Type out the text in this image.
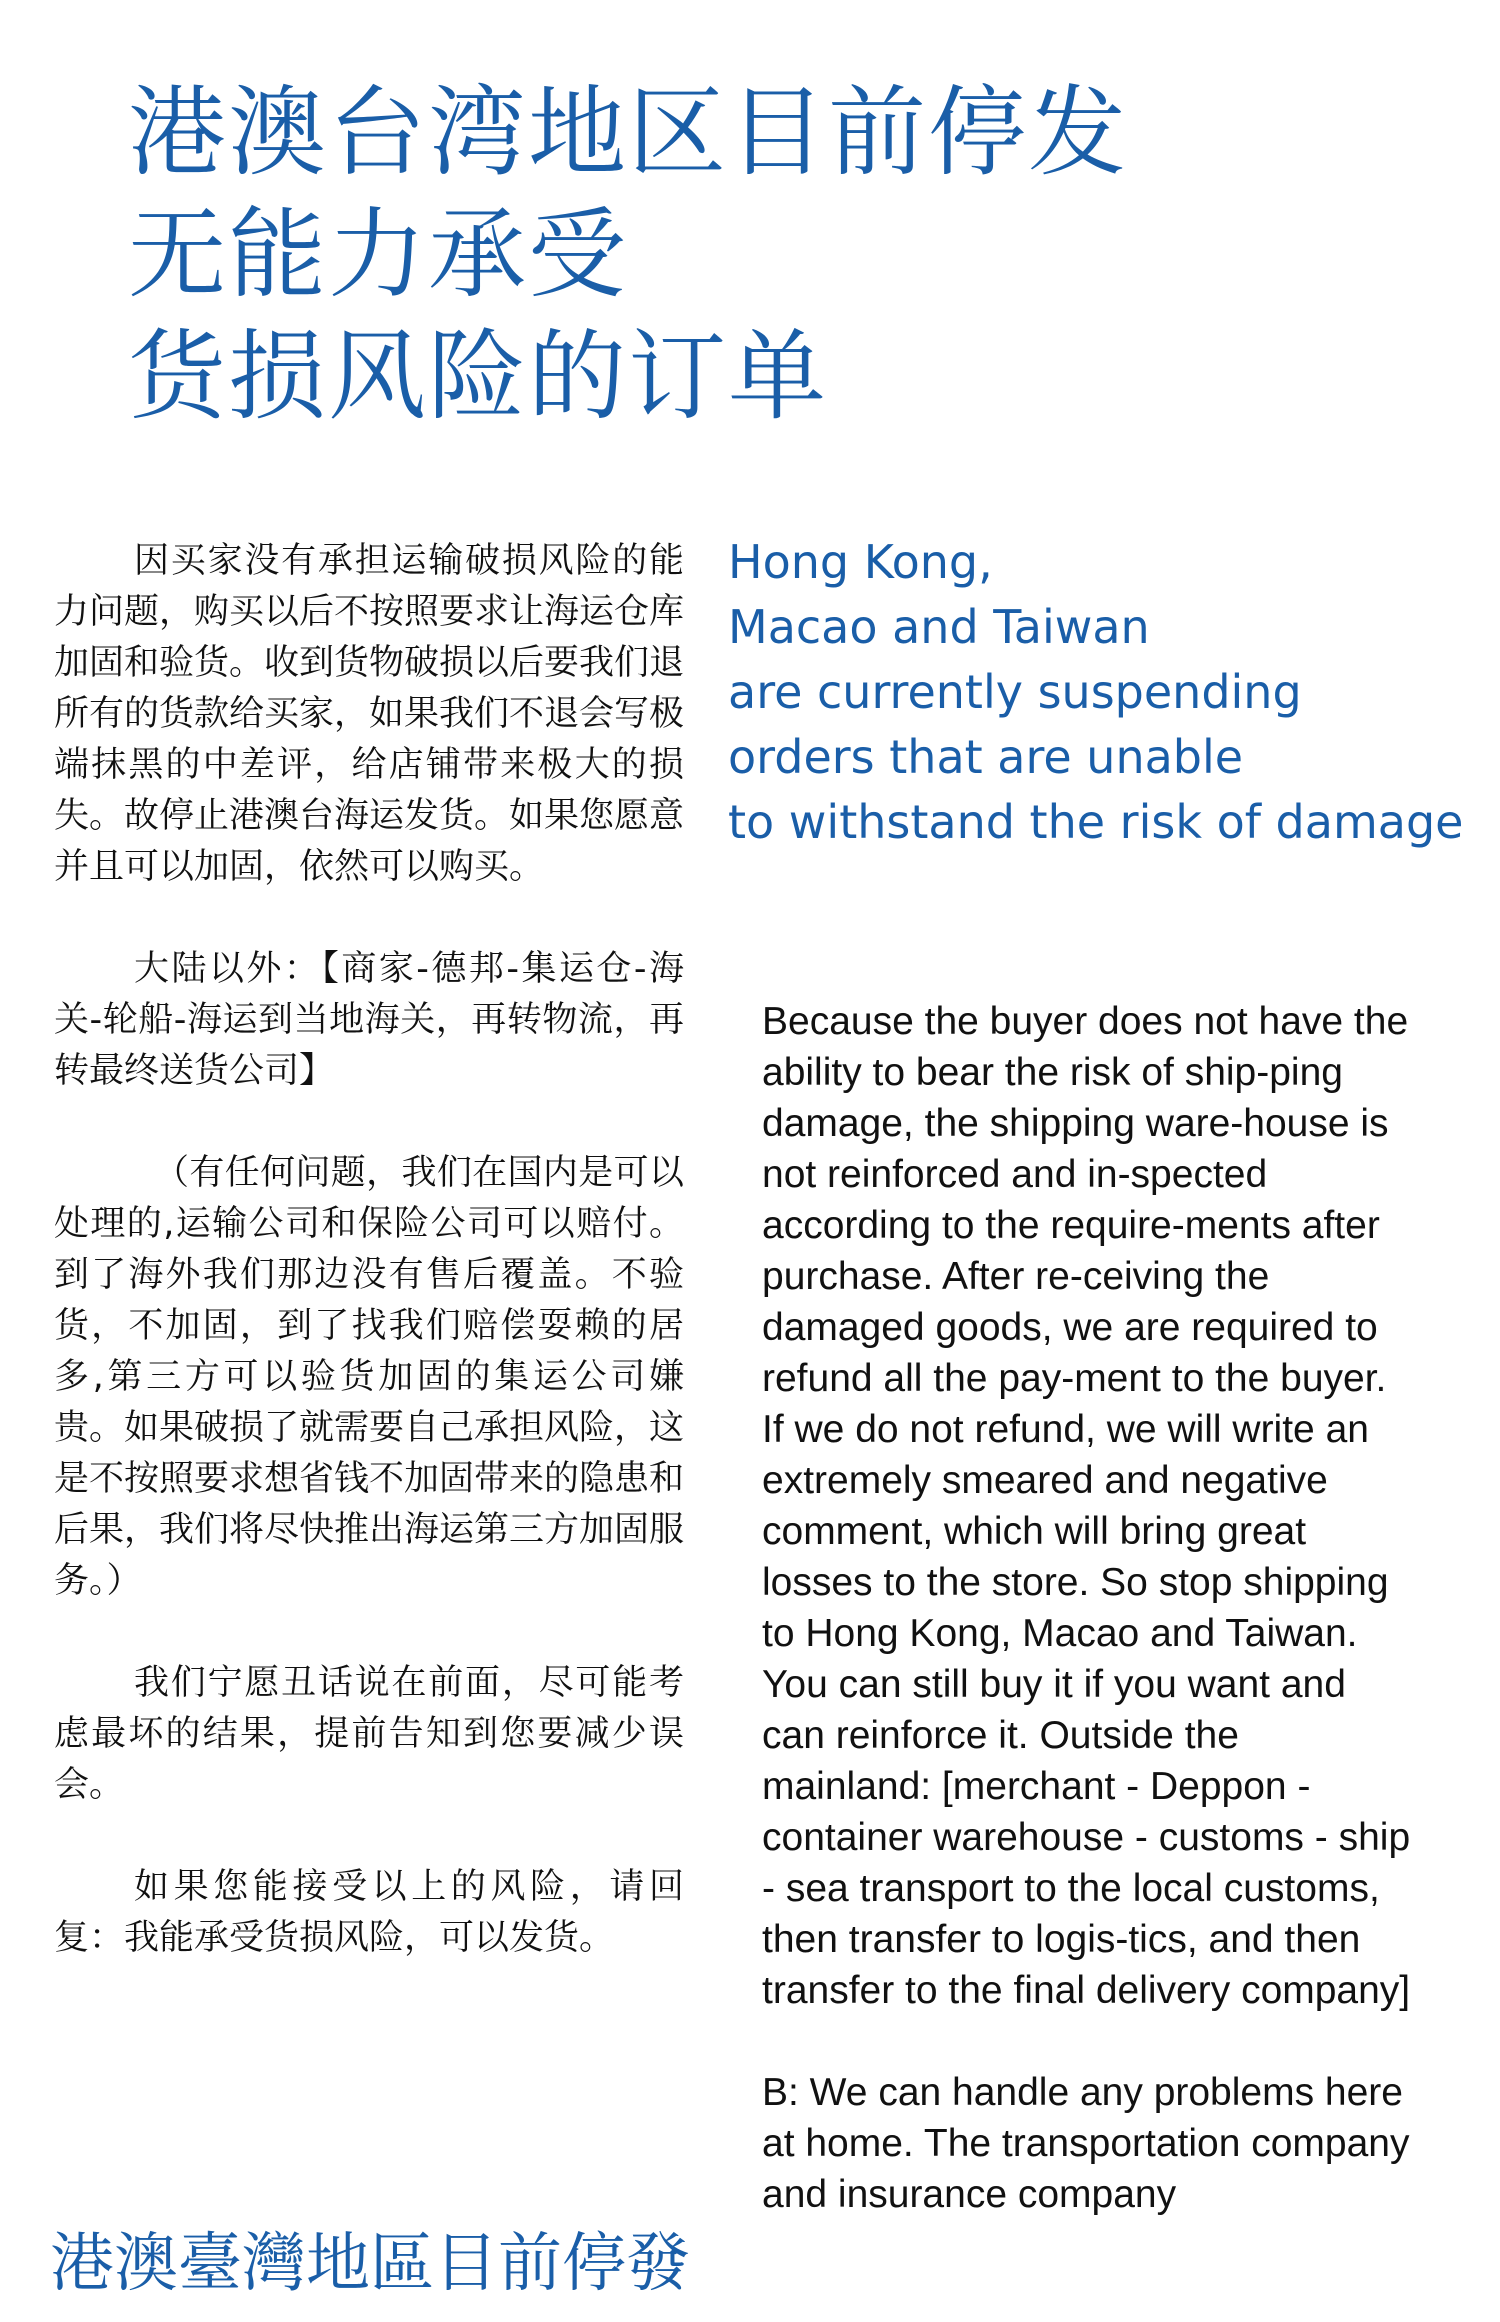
港澳台湾地区目前停发
无能力承受
货损风险的订单

因买家没有承担运输破损风险的能力问题，购买以后不按照要求让海运仓库加固和验货。收到货物破损以后要我们退所有的货款给买家，如果我们不退会写极端抹黑的中差评，给店铺带来极大的损失。故停止港澳台海运发货。如果您愿意并且可以加固，依然可以购买。

大陆以外：【商家-德邦-集运仓-海关-轮船-海运到当地海关，再转物流，再转最终送货公司】

（有任何问题，我们在国内是可以处理的,运输公司和保险公司可以赔付。到了海外我们那边没有售后覆盖。不验货，不加固，到了找我们赔偿耍赖的居多,第三方可以验货加固的集运公司嫌贵。如果破损了就需要自己承担风险，这是不按照要求想省钱不加固带来的隐患和后果，我们将尽快推出海运第三方加固服务。）

我们宁愿丑话说在前面，尽可能考虑最坏的结果，提前告知到您要减少误会。

如果您能接受以上的风险，请回复：我能承受货损风险，可以发货。

Hong Kong,
Macao and Taiwan
are currently suspending
orders that are unable
to withstand the risk of damage

Because the buyer does not have the ability to bear the risk of ship-ping damage, the shipping ware-house is not reinforced and in-spected according to the require-ments after purchase. After re-ceiving the damaged goods, we are required to refund all the pay-ment to the buyer. If we do not refund, we will write an extremely smeared and negative comment, which will bring great losses to the store. So stop shipping to Hong Kong, Macao and Taiwan. You can still buy it if you want and can reinforce it. Outside the mainland: [merchant - Deppon - container warehouse - customs - ship - sea transport to the local customs, then transfer to logis-tics, and then transfer to the final delivery company]

B: We can handle any problems here at home. The transportation company and insurance company

港澳臺灣地區目前停發
